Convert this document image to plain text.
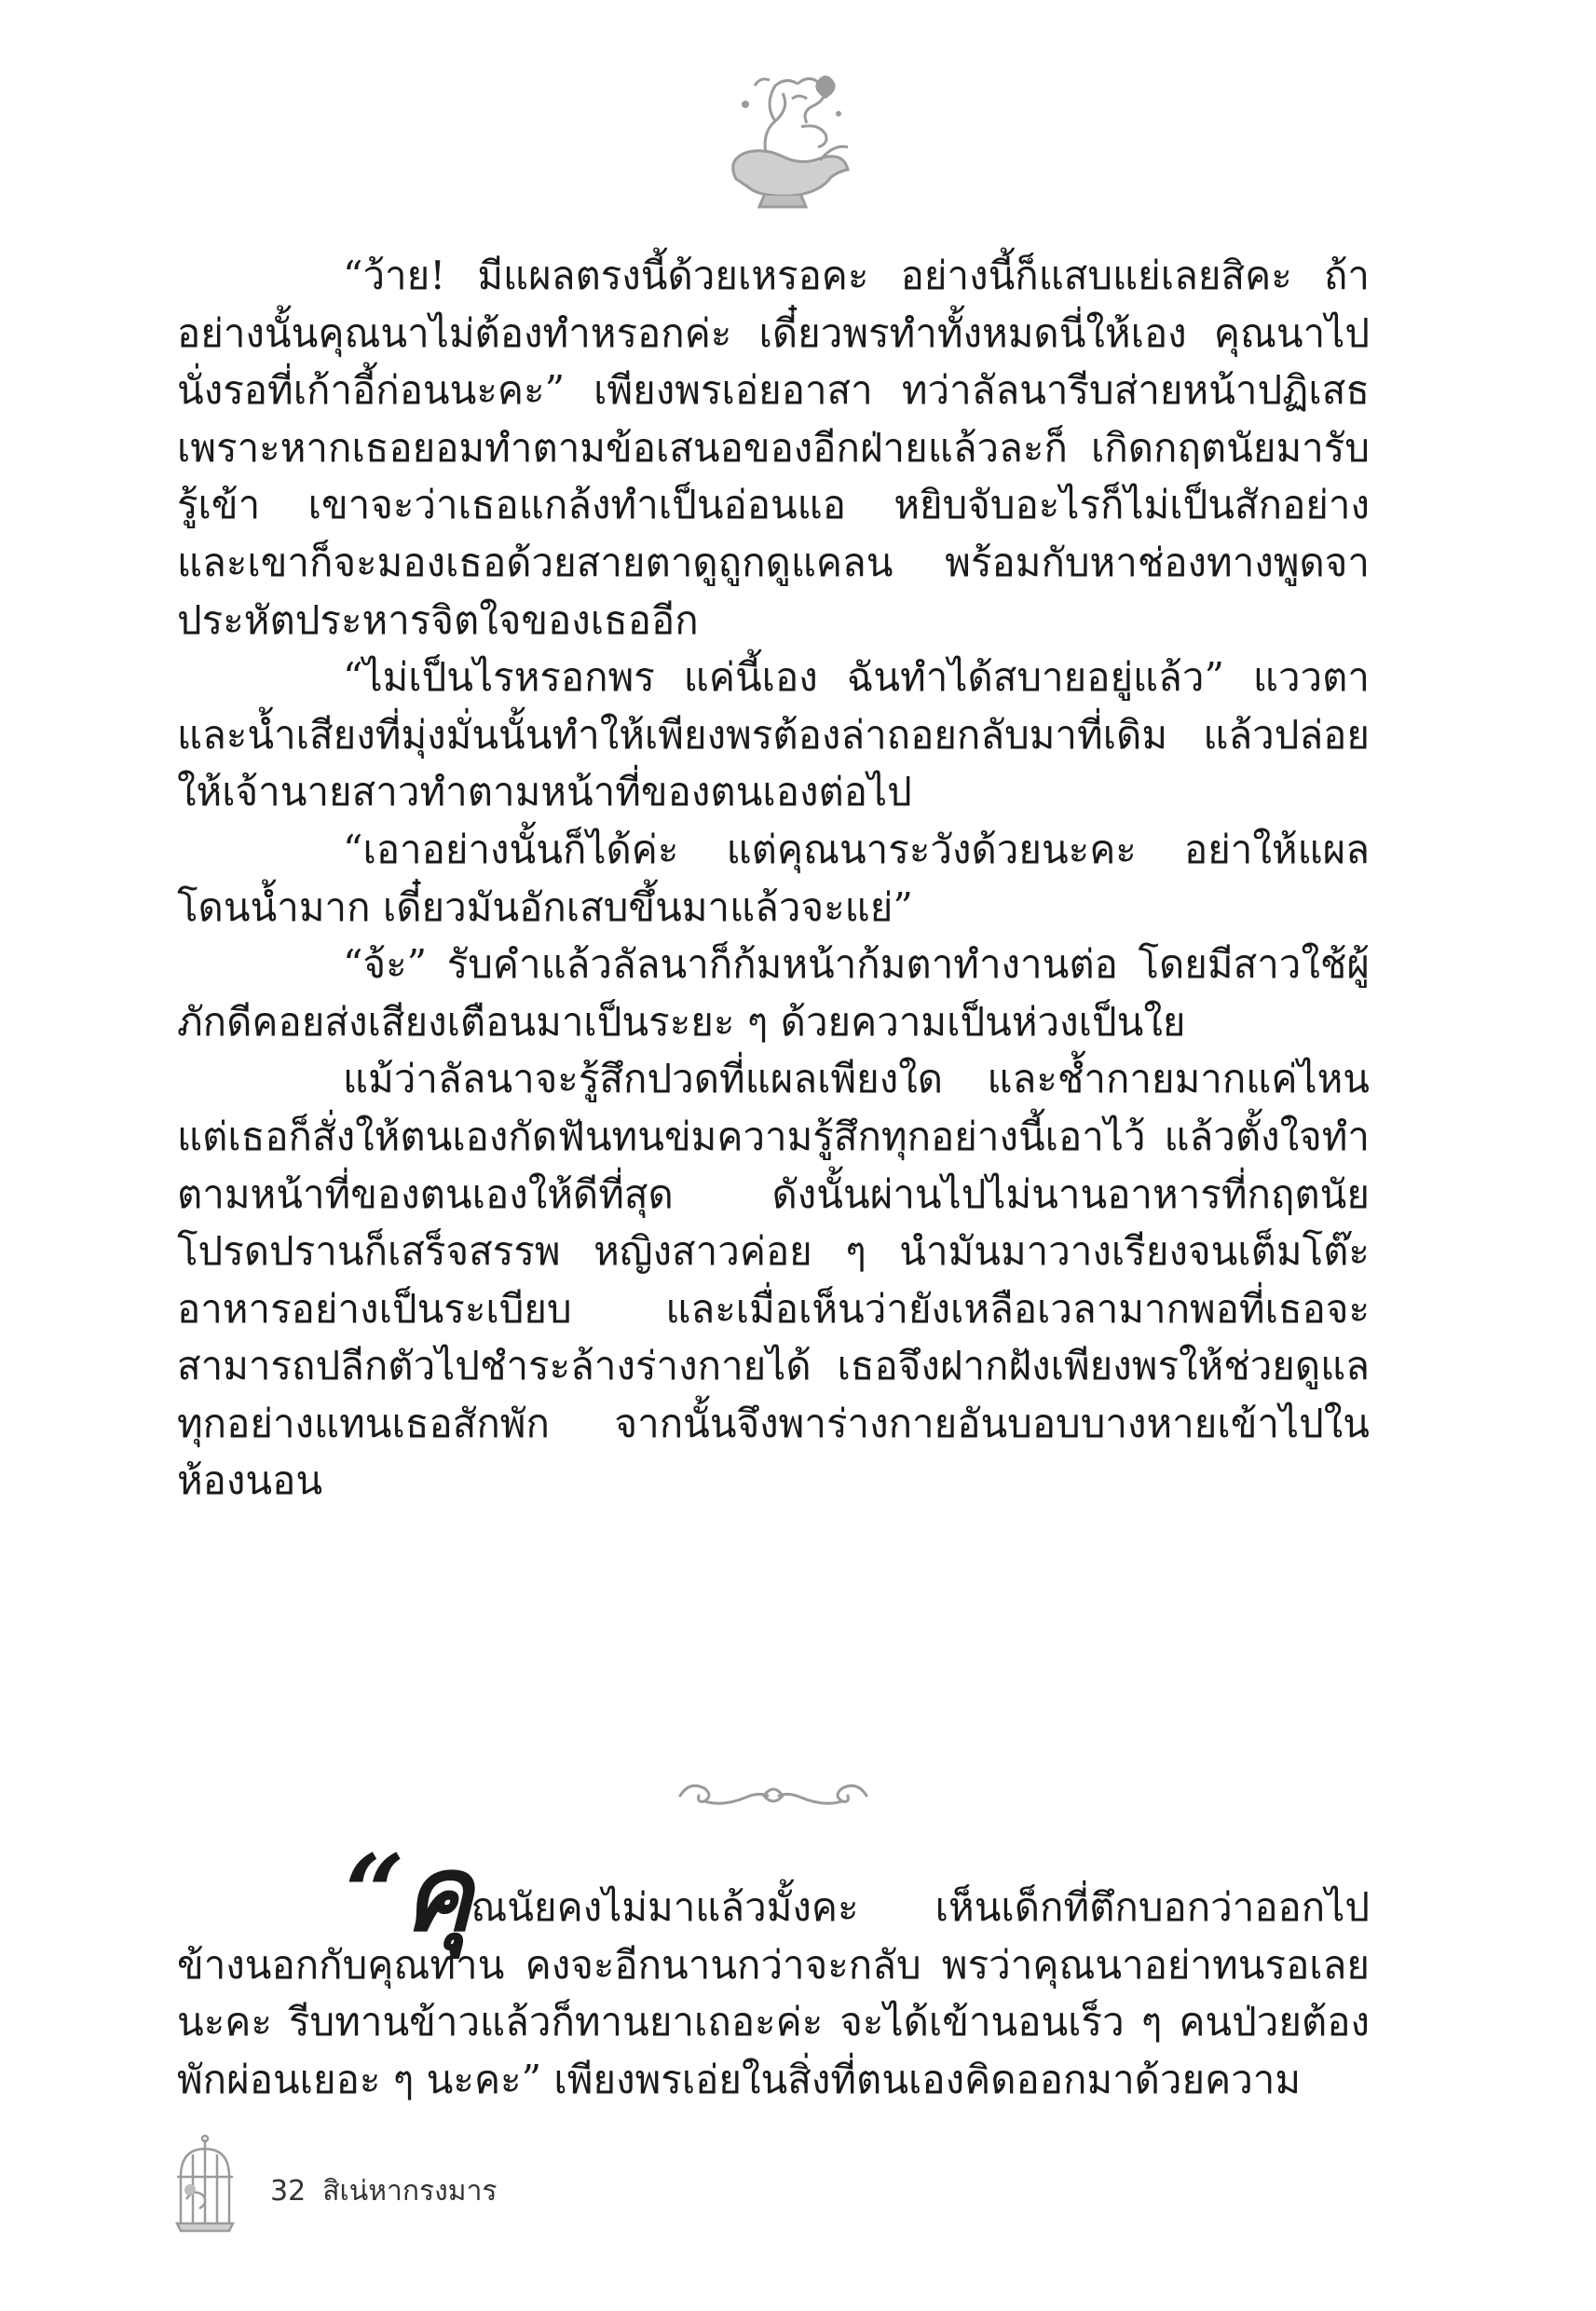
“ว้าย! มีแผลตรงนี้ด้วยเหรอคะ อย่างนี้ก็แสบแย่เลยสิคะ ถ้าอย่างนั้นคุณนาไม่ต้องทำหรอกค่ะ เดี๋ยวพรทำทั้งหมดนี่ให้เอง คุณนาไปนั่งรอที่เก้าอี้ก่อนนะคะ” เพียงพรเอ่ยอาสา ทว่าลัลนารีบส่ายหน้าปฏิเสธ เพราะหากเธอยอมทำตามข้อเสนอของอีกฝ่ายแล้วละก็ เกิดกฤตนัยมารับรู้เข้า เขาจะว่าเธอแกล้งทำเป็นอ่อนแอ หยิบจับอะไรก็ไม่เป็นสักอย่าง และเขาก็จะมองเธอด้วยสายตาดูถูกดูแคลน พร้อมกับหาช่องทางพูดจาประหัตประหารจิตใจของเธออีก

“ไม่เป็นไรหรอกพร แค่นี้เอง ฉันทำได้สบายอยู่แล้ว” แววตาและน้ำเสียงที่มุ่งมั่นนั้นทำให้เพียงพรต้องล่าถอยกลับมาที่เดิม แล้วปล่อยให้เจ้านายสาวทำตามหน้าที่ของตนเองต่อไป

“เอาอย่างนั้นก็ได้ค่ะ แต่คุณนาระวังด้วยนะคะ อย่าให้แผลโดนน้ำมาก เดี๋ยวมันอักเสบขึ้นมาแล้วจะแย่”

“จ้ะ” รับคำแล้วลัลนาก็ก้มหน้าก้มตาทำงานต่อ โดยมีสาวใช้ผู้ภักดีคอยส่งเสียงเตือนมาเป็นระยะ ๆ ด้วยความเป็นห่วงเป็นใย

แม้ว่าลัลนาจะรู้สึกปวดที่แผลเพียงใด และช้ำกายมากแค่ไหน แต่เธอก็สั่งให้ตนเองกัดฟันทนข่มความรู้สึกทุกอย่างนี้เอาไว้ แล้วตั้งใจทำตามหน้าที่ของตนเองให้ดีที่สุด ดังนั้นผ่านไปไม่นานอาหารที่กฤตนัยโปรดปรานก็เสร็จสรรพ หญิงสาวค่อย ๆ นำมันมาวางเรียงจนเต็มโต๊ะอาหารอย่างเป็นระเบียบ และเมื่อเห็นว่ายังเหลือเวลามากพอที่เธอจะสามารถปลีกตัวไปชำระล้างร่างกายได้ เธอจึงฝากฝังเพียงพรให้ช่วยดูแลทุกอย่างแทนเธอสักพัก จากนั้นจึงพาร่างกายอันบอบบางหายเข้าไปในห้องนอน

“คุณนัยคงไม่มาแล้วมั้งคะ เห็นเด็กที่ตึกบอกว่าออกไปข้างนอกกับคุณท่าน คงจะอีกนานกว่าจะกลับ พรว่าคุณนาอย่าทนรอเลยนะคะ รีบทานข้าวแล้วก็ทานยาเถอะค่ะ จะได้เข้านอนเร็ว ๆ คนป่วยต้องพักผ่อนเยอะ ๆ นะคะ” เพียงพรเอ่ยในสิ่งที่ตนเองคิดออกมาด้วยความ

32 สิเน่หากรงมาร
